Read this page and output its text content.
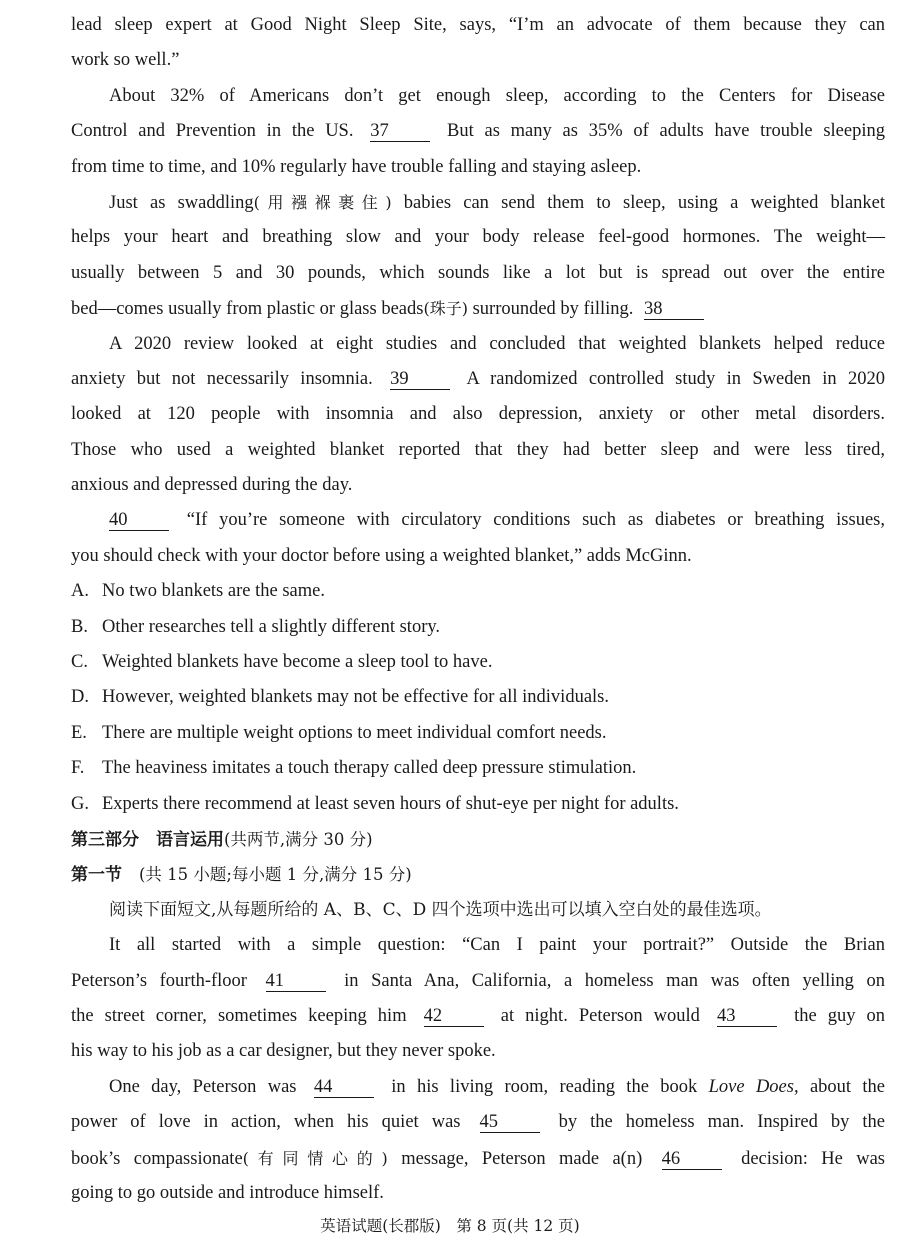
lead sleep expert at Good Night Sleep Site, says, “I’m an advocate of them because they can
work so well.”
About 32% of Americans don’t get enough sleep, according to the Centers for Disease
Control and Prevention in the US. 37	But as many as 35% of adults have trouble sleeping
from time to time, and 10% regularly have trouble falling and staying asleep.
Just as swaddling(用襁褓裹住) babies can send them to sleep, using a weighted blanket
helps your heart and breathing slow and your body release feel-good hormones. The weight—
usually between 5 and 30 pounds, which sounds like a lot but is spread out over the entire
bed—comes usually from plastic or glass beads(珠子) surrounded by filling. 38
A 2020 review looked at eight studies and concluded that weighted blankets helped reduce
anxiety but not necessarily insomnia. 39	A randomized controlled study in Sweden in 2020
looked at 120 people with insomnia and also depression, anxiety or other metal disorders.
Those who used a weighted blanket reported that they had better sleep and were less tired,
anxious and depressed during the day.
40	“If you’re someone with circulatory conditions such as diabetes or breathing issues,
you should check with your doctor before using a weighted blanket,” adds McGinn.
A. No two blankets are the same.
B. Other researches tell a slightly different story.
C. Weighted blankets have become a sleep tool to have.
D. However, weighted blankets may not be effective for all individuals.
E. There are multiple weight options to meet individual comfort needs.
F. The heaviness imitates a touch therapy called deep pressure stimulation.
G. Experts there recommend at least seven hours of shut-eye per night for adults.
第三部分　语言运用(共两节,满分 30 分)
第一节　 (共 15 小题;每小题 1 分,满分 15 分)
阅读下面短文,从每题所给的 A、B、C、D 四个选项中选出可以填入空白处的最佳选项。
It all started with a simple question: “Can I paint your portrait?” Outside the Brian
Peterson’s fourth-floor 41	in Santa Ana, California, a homeless man was often yelling on
the street corner, sometimes keeping him 42	at night. Peterson would 43	the guy on
his way to his job as a car designer, but they never spoke.
One day, Peterson was 44	in his living room, reading the book Love Does, about the
power of love in action, when his quiet was 45	by the homeless man. Inspired by the
book’s compassionate(有同情心的) message, Peterson made a(n) 46	decision: He was
going to go outside and introduce himself.
英语试题(长郡版)　第 8 页(共 12 页)
